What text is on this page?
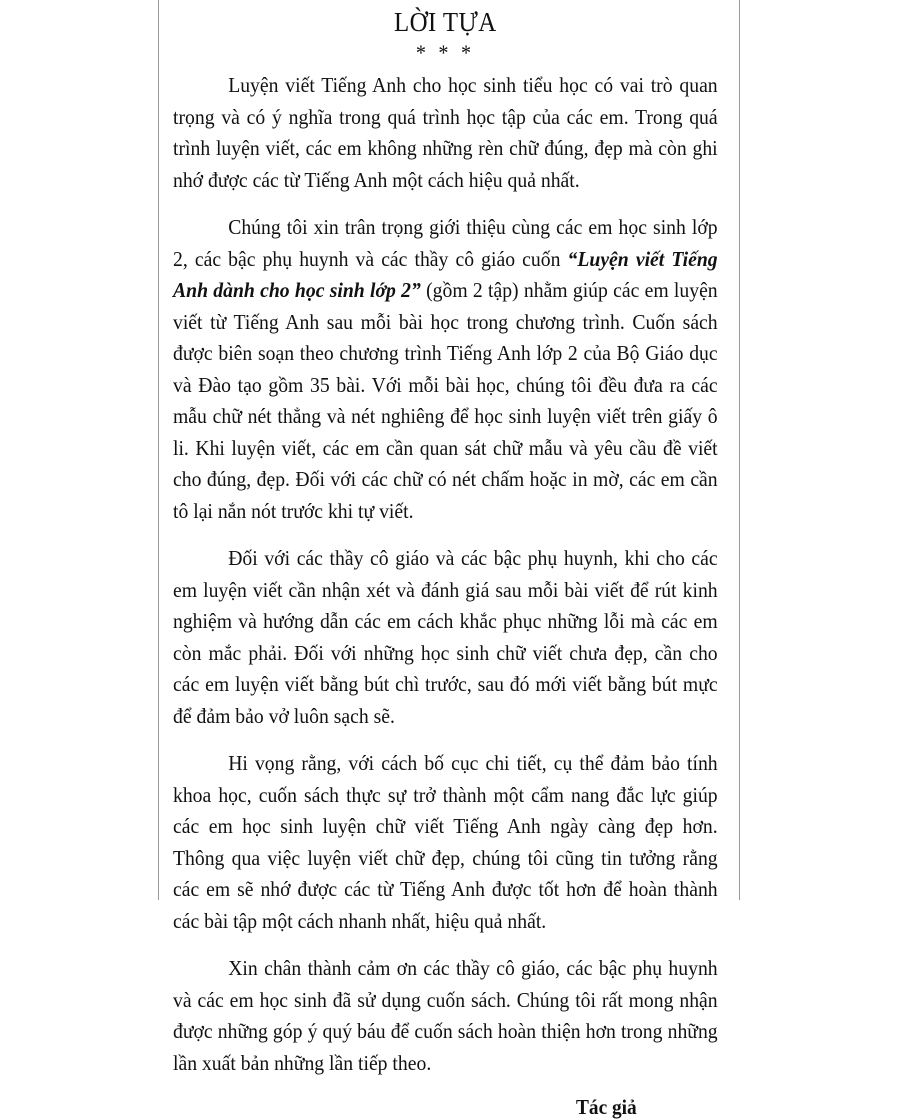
LỜI TỰA
* * *

Luyện viết Tiếng Anh cho học sinh tiểu học có vai trò quan trọng và có ý nghĩa trong quá trình học tập của các em. Trong quá trình luyện viết, các em không những rèn chữ đúng, đẹp mà còn ghi nhớ được các từ Tiếng Anh một cách hiệu quả nhất.

Chúng tôi xin trân trọng giới thiệu cùng các em học sinh lớp 2, các bậc phụ huynh và các thầy cô giáo cuốn “Luyện viết Tiếng Anh dành cho học sinh lớp 2” (gồm 2 tập) nhằm giúp các em luyện viết từ Tiếng Anh sau mỗi bài học trong chương trình. Cuốn sách được biên soạn theo chương trình Tiếng Anh lớp 2 của Bộ Giáo dục và Đào tạo gồm 35 bài. Với mỗi bài học, chúng tôi đều đưa ra các mẫu chữ nét thẳng và nét nghiêng để học sinh luyện viết trên giấy ô li. Khi luyện viết, các em cần quan sát chữ mẫu và yêu cầu đề viết cho đúng, đẹp. Đối với các chữ có nét chấm hoặc in mờ, các em cần tô lại nắn nót trước khi tự viết.

Đối với các thầy cô giáo và các bậc phụ huynh, khi cho các em luyện viết cần nhận xét và đánh giá sau mỗi bài viết để rút kinh nghiệm và hướng dẫn các em cách khắc phục những lỗi mà các em còn mắc phải. Đối với những học sinh chữ viết chưa đẹp, cần cho các em luyện viết bằng bút chì trước, sau đó mới viết bằng bút mực để đảm bảo vở luôn sạch sẽ.

Hi vọng rằng, với cách bố cục chi tiết, cụ thể đảm bảo tính khoa học, cuốn sách thực sự trở thành một cẩm nang đắc lực giúp các em học sinh luyện chữ viết Tiếng Anh ngày càng đẹp hơn. Thông qua việc luyện viết chữ đẹp, chúng tôi cũng tin tưởng rằng các em sẽ nhớ được các từ Tiếng Anh được tốt hơn để hoàn thành các bài tập một cách nhanh nhất, hiệu quả nhất.

Xin chân thành cảm ơn các thầy cô giáo, các bậc phụ huynh và các em học sinh đã sử dụng cuốn sách. Chúng tôi rất mong nhận được những góp ý quý báu để cuốn sách hoàn thiện hơn trong những lần xuất bản những lần tiếp theo.

Tác giả
